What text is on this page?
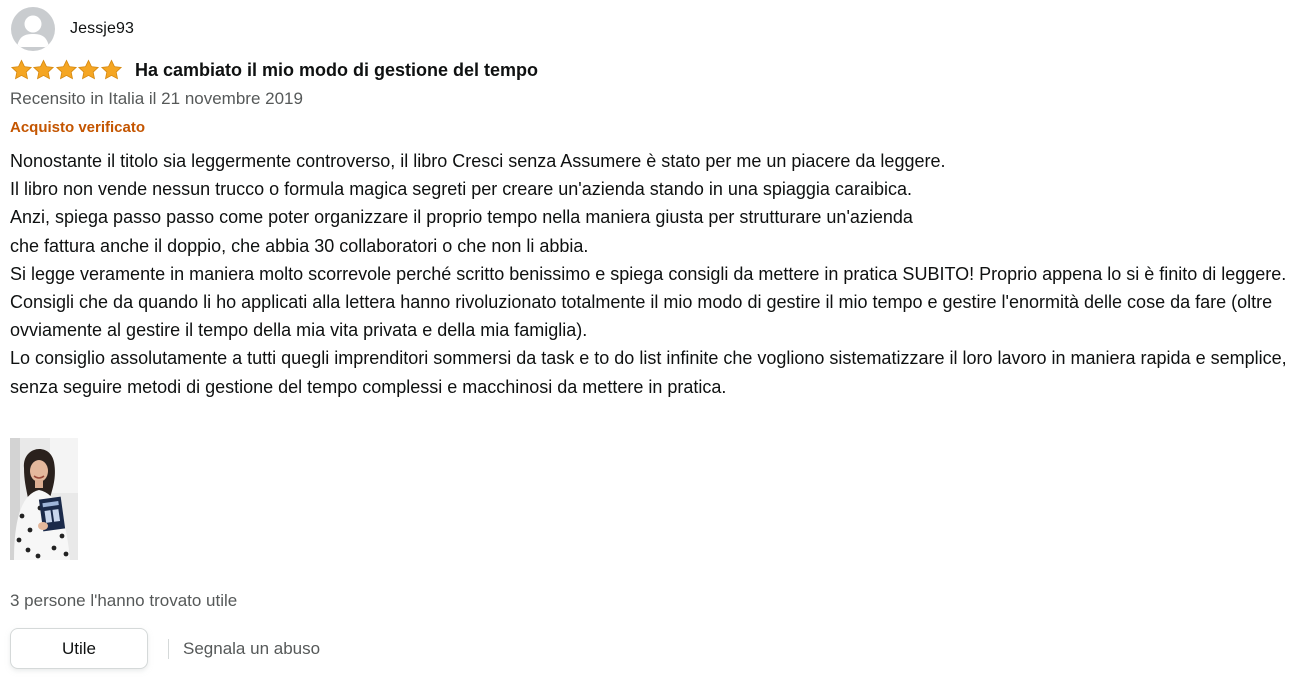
Jessje93
Ha cambiato il mio modo di gestione del tempo
Recensito in Italia il 21 novembre 2019
Acquisto verificato

Nonostante il titolo sia leggermente controverso, il libro Cresci senza Assumere è stato per me un piacere da leggere.

Il libro non vende nessun trucco o formula magica segreti per creare un'azienda stando in una spiaggia caraibica.

Anzi, spiega passo passo come poter organizzare il proprio tempo nella maniera giusta per strutturare un'azienda

che fattura anche il doppio, che abbia 30 collaboratori o che non li abbia.

Si legge veramente in maniera molto scorrevole perché scritto benissimo e spiega consigli da mettere in pratica SUBITO! Proprio appena lo si è finito di leggere.

Consigli che da quando li ho applicati alla lettera hanno rivoluzionato totalmente il mio modo di gestire il mio tempo e gestire l'enormità delle cose da fare (oltre ovviamente al gestire il tempo della mia vita privata e della mia famiglia).

Lo consiglio assolutamente a tutti quegli imprenditori sommersi da task e to do list infinite che vogliono sistematizzare il loro lavoro in maniera rapida e semplice, senza seguire metodi di gestione del tempo complessi e macchinosi da mettere in pratica.

3 persone l'hanno trovato utile
Utile	Segnala un abuso
